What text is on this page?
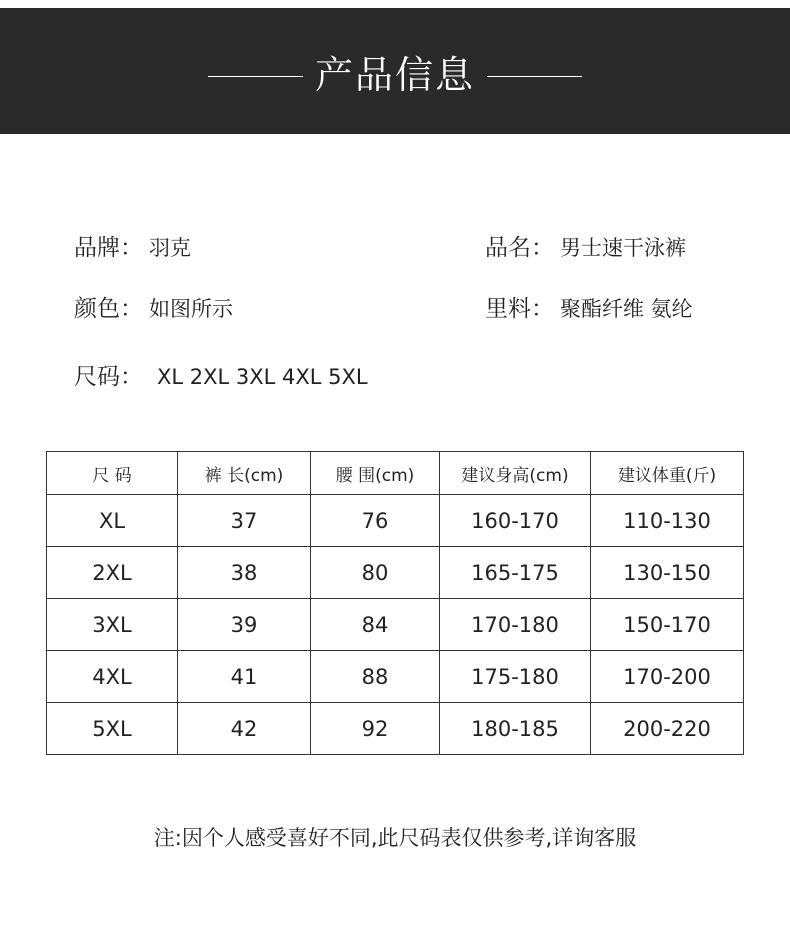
产品信息
品牌： 羽克	品名： 男士速干泳裤
颜色： 如图所示	里料： 聚酯纤维 氨纶
尺码： XL 2XL 3XL 4XL 5XL
尺 码	裤 长(cm)	腰 围(cm)	建议身高(cm)	建议体重(斤)
XL	37	76	160-170	110-130
2XL	38	80	165-175	130-150
3XL	39	84	170-180	150-170
4XL	41	88	175-180	170-200
5XL	42	92	180-185	200-220
注:因个人感受喜好不同,此尺码表仅供参考,详询客服
